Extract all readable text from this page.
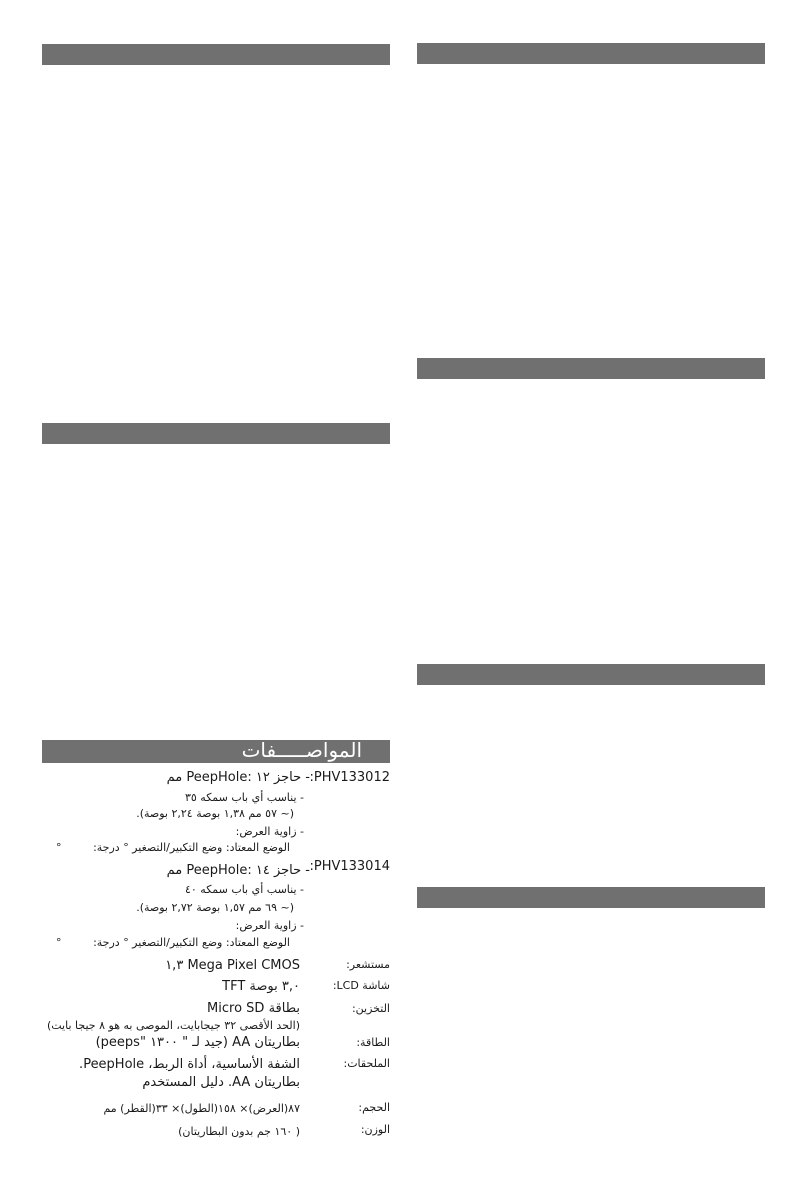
المواصـــــفات
:PHV133012
- حاجز ١٢ :PeepHole مم
- يناسب أي باب سمكه ٣٥
(~ ٥٧ مم ١,٣٨ بوصة ٢,٢٤ بوصة).
- زاوية العرض:
الوضع المعتاد: وضع التكبير/التصغير ° درجة:
°
:PHV133014
- حاجز ١٤ :PeepHole مم
- يناسب أي باب سمكه ٤٠
(~ ٦٩ مم ١,٥٧ بوصة ٢,٧٢ بوصة).
- زاوية العرض:
الوضع المعتاد: وضع التكبير/التصغير ° درجة:
°
مستشعر:
Mega Pixel CMOS ١,٣
شاشة LCD:
٣,٠ بوصة TFT
التخزين:
بطاقة Micro SD
(الحد الأقصى ٣٢ جيجابايت، الموصى به هو ٨ جيجا بايت)
الطاقة:
بطاريتان AA (جيد لـ " ١٣٠٠ "peeps)
الملحقات:
الشفة الأساسية، أداة الربط، PeepHole.
بطاريتان AA. دليل المستخدم
الحجم:
٨٧(العرض)× ١٥٨(الطول)× ٣٣(القطر) مم
الوزن:
( ١٦٠ جم بدون البطاريتان)
